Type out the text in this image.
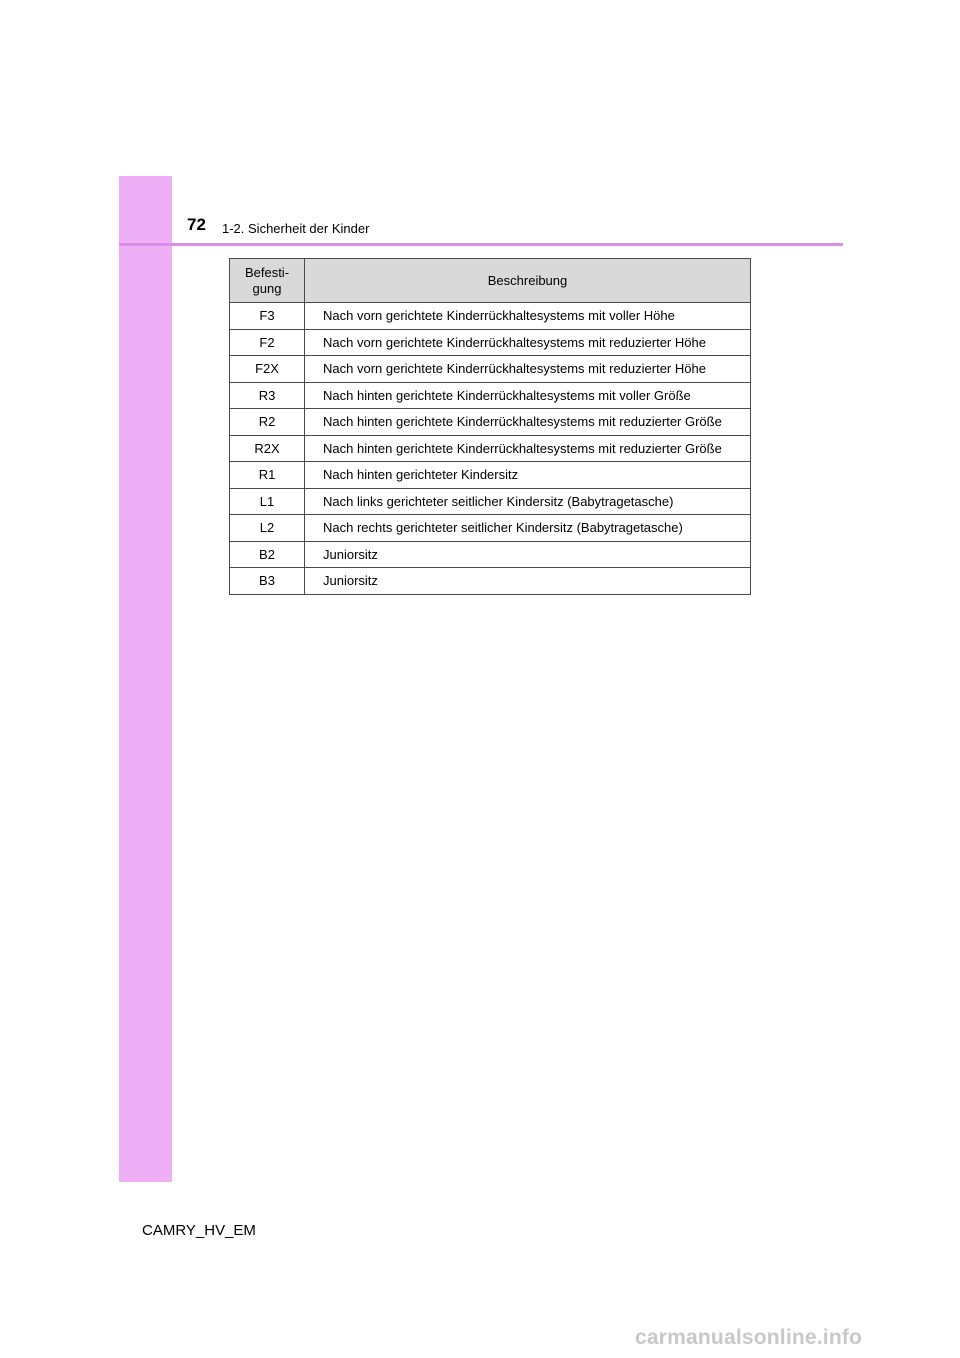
72 1-2. Sicherheit der Kinder
Befesti-
gung	Beschreibung
F3	Nach vorn gerichtete Kinderrückhaltesystems mit voller Höhe
F2	Nach vorn gerichtete Kinderrückhaltesystems mit reduzierter Höhe
F2X	Nach vorn gerichtete Kinderrückhaltesystems mit reduzierter Höhe
R3	Nach hinten gerichtete Kinderrückhaltesystems mit voller Größe
R2	Nach hinten gerichtete Kinderrückhaltesystems mit reduzierter Größe
R2X	Nach hinten gerichtete Kinderrückhaltesystems mit reduzierter Größe
R1	Nach hinten gerichteter Kindersitz
L1	Nach links gerichteter seitlicher Kindersitz (Babytragetasche)
L2	Nach rechts gerichteter seitlicher Kindersitz (Babytragetasche)
B2	Juniorsitz
B3	Juniorsitz
CAMRY_HV_EM
carmanualsonline.info
